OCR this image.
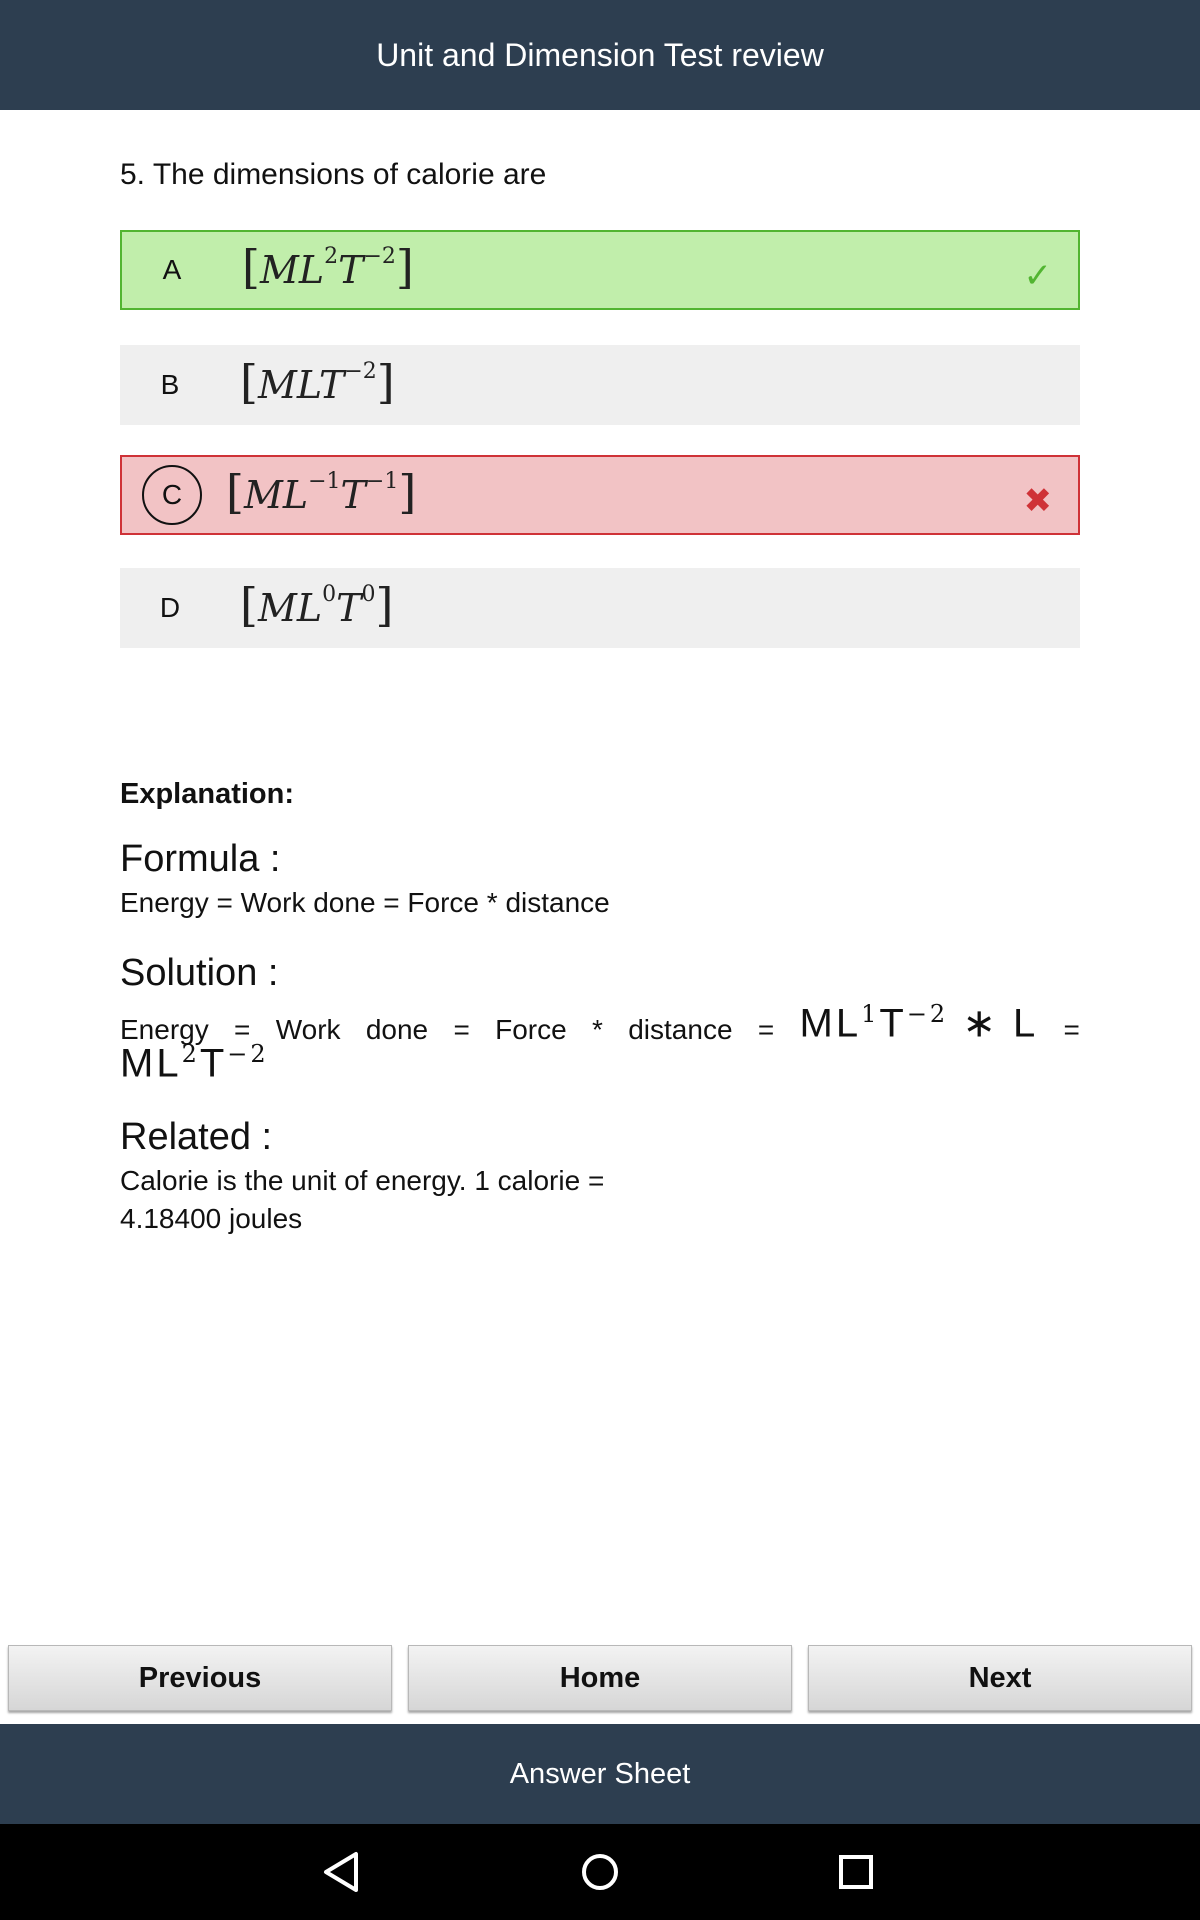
Unit and Dimension Test review
5. The dimensions of calorie are
A	[ $ML^2$ $T^{-2}$ ]	✓
B	[ $MLT^{-2}$ ]
C [ $ML^{-1}$ $T^{-1}$ ]	✖
D	[ $ML^0$ $T^0$ ]
Explanation:
Formula :
Energy = Work done = Force * distance
Solution :
Energy = Work done = Force * distance = $ML^1T^{-2}$ ∗ L =
$ML^2T^{-2}$
Related :
Calorie is the unit of energy. 1 calorie =
4.18400 joules
Previous	Home	Next
Answer Sheet
